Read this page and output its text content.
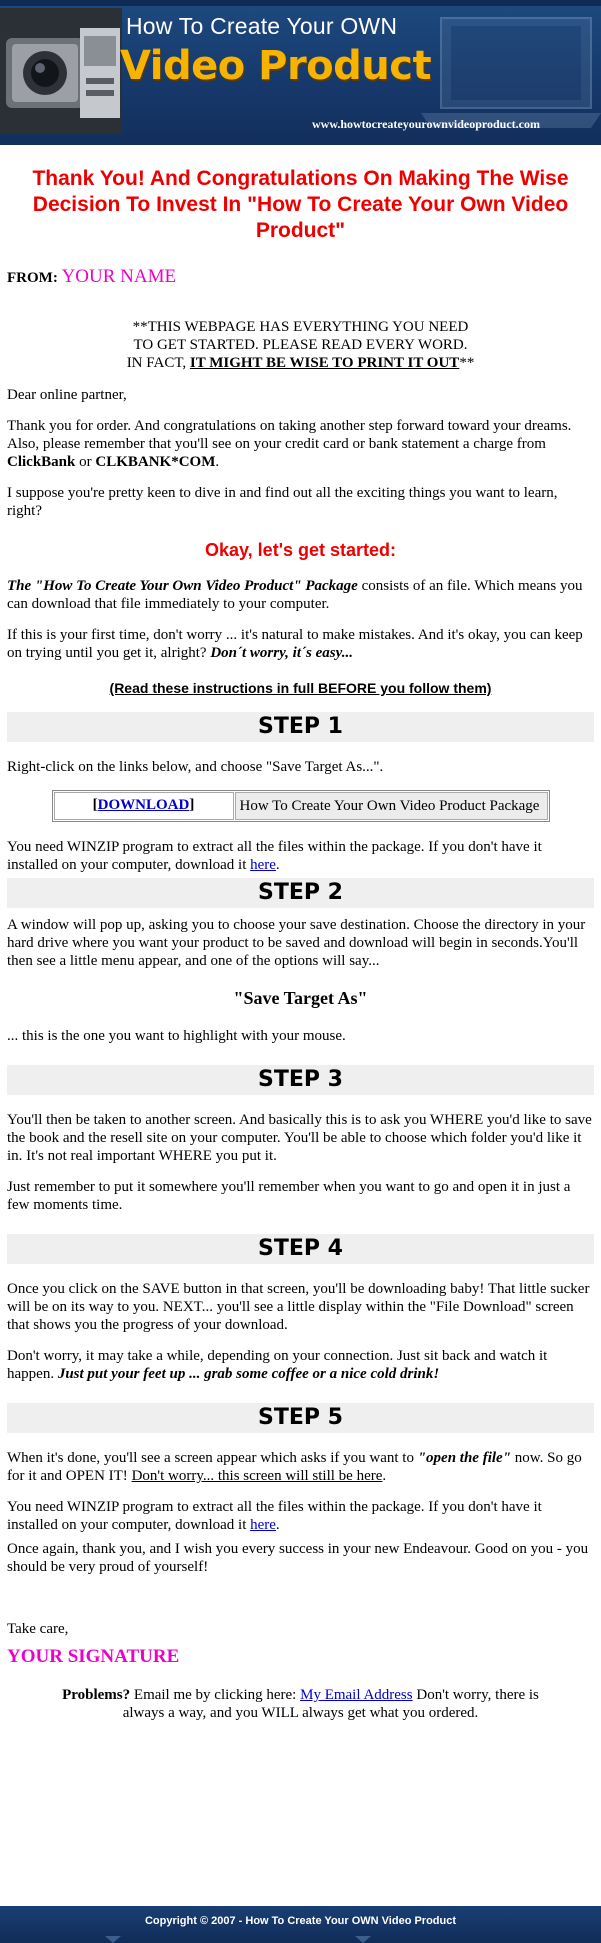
How To Create Your OWN
Video Product
www.howtocreateyourownvideoproduct.com
Thank You! And Congratulations On Making The Wise Decision To Invest In "How To Create Your Own Video Product"
FROM: YOUR NAME

**THIS WEBPAGE HAS EVERYTHING YOU NEED
TO GET STARTED. PLEASE READ EVERY WORD.
IN FACT, IT MIGHT BE WISE TO PRINT IT OUT**

Dear online partner,

Thank you for order. And congratulations on taking another step forward toward your dreams. Also, please remember that you'll see on your credit card or bank statement a charge from ClickBank or CLKBANK*COM.

I suppose you're pretty keen to dive in and find out all the exciting things you want to learn, right?

Okay, let's get started:

The "How To Create Your Own Video Product" Package consists of an file. Which means you can download that file immediately to your computer.

If this is your first time, don't worry ... it's natural to make mistakes. And it's okay, you can keep on trying until you get it, alright? Don´t worry, it´s easy...

(Read these instructions in full BEFORE you follow them)
STEP 1

Right-click on the links below, and choose "Save Target As...".

[DOWNLOAD]	How To Create Your Own Video Product Package

You need WINZIP program to extract all the files within the package. If you don't have it installed on your computer, download it here.

STEP 2

A window will pop up, asking you to choose your save destination. Choose the directory in your hard drive where you want your product to be saved and download will begin in seconds.You'll then see a little menu appear, and one of the options will say...

"Save Target As"

... this is the one you want to highlight with your mouse.

STEP 3

You'll then be taken to another screen. And basically this is to ask you WHERE you'd like to save the book and the resell site on your computer. You'll be able to choose which folder you'd like it in. It's not real important WHERE you put it.

Just remember to put it somewhere you'll remember when you want to go and open it in just a few moments time.

STEP 4

Once you click on the SAVE button in that screen, you'll be downloading baby! That little sucker will be on its way to you. NEXT... you'll see a little display within the "File Download" screen that shows you the progress of your download.

Don't worry, it may take a while, depending on your connection. Just sit back and watch it happen. Just put your feet up ... grab some coffee or a nice cold drink!

STEP 5

When it's done, you'll see a screen appear which asks if you want to "open the file" now. So go for it and OPEN IT! Don't worry... this screen will still be here.

You need WINZIP program to extract all the files within the package. If you don't have it installed on your computer, download it here.

Once again, thank you, and I wish you every success in your new Endeavour. Good on you - you should be very proud of yourself!

Take care,

YOUR SIGNATURE

Problems? Email me by clicking here: My Email Address Don't worry, there is always a way, and you WILL always get what you ordered.

Copyright © 2007 - How To Create Your OWN Video Product
